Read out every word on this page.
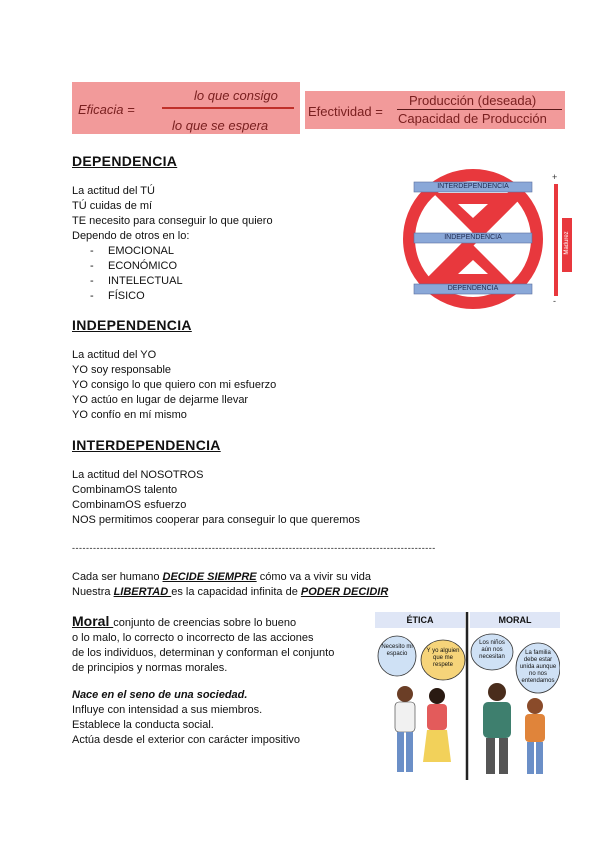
Eficacia =
lo que consigo
lo que se espera
Efectividad =
Producción (deseada)
Capacidad de Producción
DEPENDENCIA
La actitud del TÚ
TÚ cuidas de mí
TE necesito para conseguir lo que quiero
Dependo de otros en lo:
- EMOCIONAL
- ECONÓMICO
- INTELECTUAL
- FÍSICO
INTERDEPENDENCIA
INDEPENDENCIA
DEPENDENCIA
+
-
Madurez
INDEPENDENCIA
La actitud del YO
YO soy responsable
YO consigo lo que quiero con mi esfuerzo
YO actúo en lugar de dejarme llevar
YO confío en mí mismo
INTERDEPENDENCIA
La actitud del NOSOTROS
CombinamOS talento
CombinamOS esfuerzo
NOS permitimos cooperar para conseguir lo que queremos
--------------------------------------------------------------------------------------------------------
Cada ser humano DECIDE SIEMPRE cómo va a vivir su vida
Nuestra LIBERTAD es la capacidad infinita de PODER DECIDIR
Moral conjunto de creencias sobre lo bueno
o lo malo, lo correcto o incorrecto de las acciones
de los individuos, determinan y conforman el conjunto
de principios y normas morales.
Nace en el seno de una sociedad.
Influye con intensidad a sus miembros.
Establece la conducta social.
Actúa desde el exterior con carácter impositivo
ÉTICA	MORAL
Necesito mi espacio	Y yo alguien que me respete
Los niños aún nos necesitan
La familia debe estar unida aunque no nos entendamos
